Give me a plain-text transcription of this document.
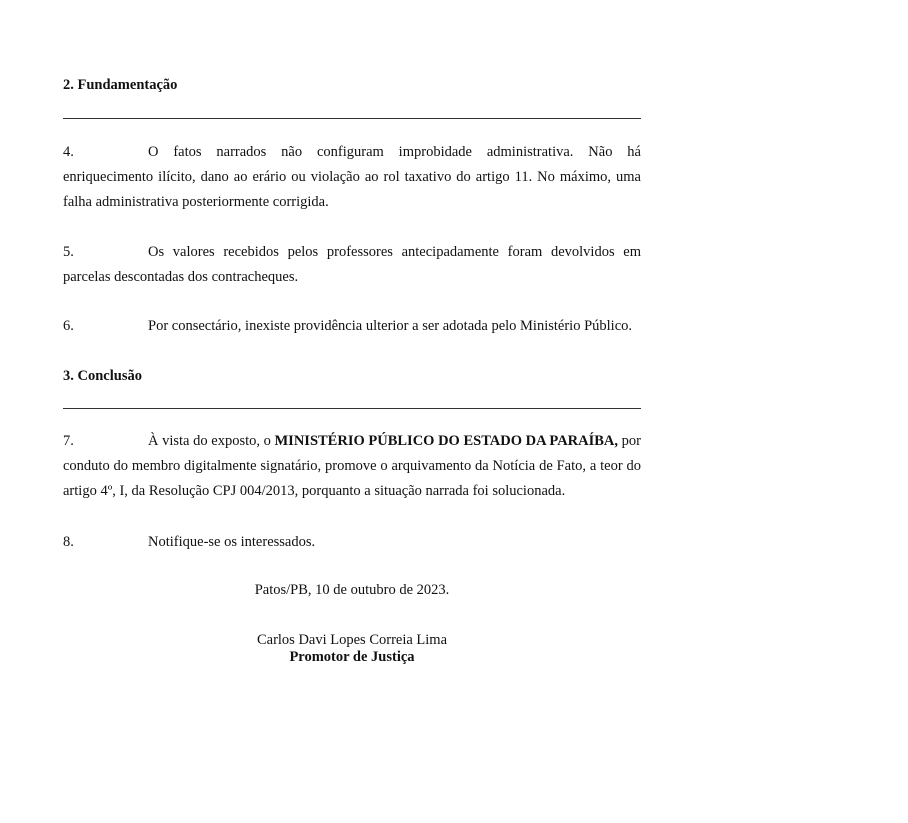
2. Fundamentação

4.	O fatos narrados não configuram improbidade administrativa. Não há enriquecimento ilícito, dano ao erário ou violação ao rol taxativo do artigo 11. No máximo, uma falha administrativa posteriormente corrigida.

5.	Os valores recebidos pelos professores antecipadamente foram devolvidos em parcelas descontadas dos contracheques.

6.	Por consectário, inexiste providência ulterior a ser adotada pelo Ministério Público.

3. Conclusão

7.	À vista do exposto, o MINISTÉRIO PÚBLICO DO ESTADO DA PARAÍBA, por conduto do membro digitalmente signatário, promove o arquivamento da Notícia de Fato, a teor do artigo 4º, I, da Resolução CPJ 004/2013, porquanto a situação narrada foi solucionada.

8.	Notifique-se os interessados.

Patos/PB, 10 de outubro de 2023.
Carlos Davi Lopes Correia Lima
Promotor de Justiça
